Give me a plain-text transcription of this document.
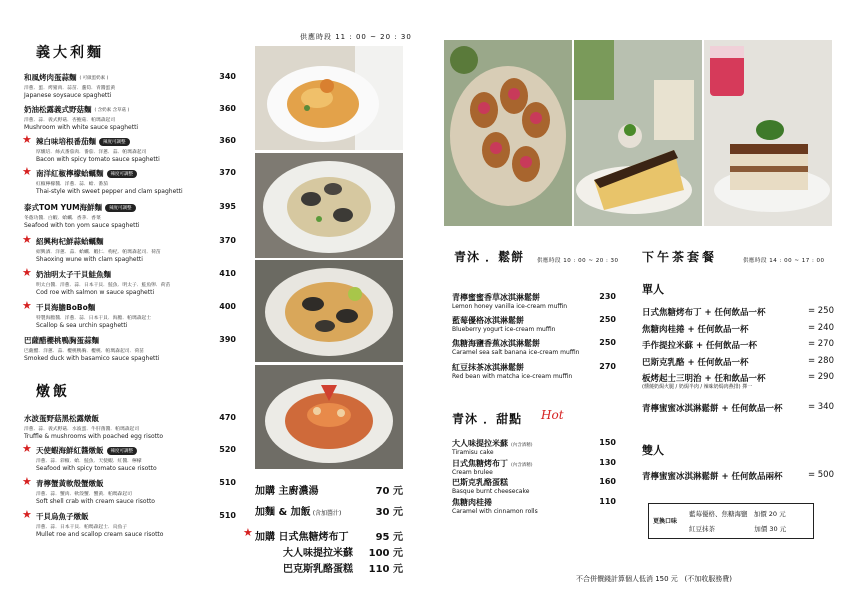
供應時段 11 : 00 ~ 20 : 30
義大利麵
和風烤肉蛋蒜麵 ( 可做蛋奶素 )
洋蔥．蛋．烤豬肉．蒜苗．蘆筍．青醬蛋黃
Japanese soysauce spaghetti
340
奶油松露義式野菇麵 ( 含奶素 含草菇 )
洋蔥．蒜．義式野菇．杏鮑菇．帕瑪森起司
Mushroom with white sauce spaghetti
360
辣白味培根番茄麵	辣度可調整
厚燻培．絲式番茄肉．番茄．洋蔥．蒜．帕瑪森起司
Bacon with spicy tomato sauce spaghetti
360
★
南洋紅椒檸檬蛤蠣麵	辣度可調整
紅椒檸檬醬．洋蔥．蒜．蛤．番茄
Thai-style with sweet pepper and clam spaghetti
370
★
泰式TOM YUM海鮮麵	辣度可調整
冬蔭功醬．白蝦．蛤蠣．香茅．香菜
Seafood with ton yom sauce spaghetti
395
紹興枸杞鮮蒜蛤蠣麵
紹興酒．洋蔥．蒜．蛤蠣．蝦仁．枸杞．帕瑪森起司．荷苗
Shaoxing wune with clam spaghetti
370
★
奶油明太子干貝鮭魚麵
明太白醬．洋蔥．蒜．日本干貝．鮭魚．明太子．鮭魚卵．荷苗
Cod roe with salmon w sauce spaghetti
410
★
干貝海膽BoBo麵
特製海膽醬．洋蔥．蒜．日本干貝．海膽．帕瑪森起士
Scallop & sea urchin spaghetti
400
★
巴薩醋櫻桃鴨胸蛋蒜麵
巴薩醋．洋蔥．蒜．櫻桃鴨胸．櫻桃．帕瑪森起司．荷苗
Smoked duck with basamico sauce spaghetti
390
燉飯
水波蛋野菇黑松露燉飯
洋蔥．蒜．義式野菇．水波蛋．牛肝菌醬．帕瑪森起司
Truffle & mushrooms with poached egg risotto
470
天使蝦海鮮紅醬燉飯	辣度可調整
洋蔥．蒜．彩椒．蛤．鮭魚．天使蝦．紅醬．檸檬
Seafood with spicy tomato sauce risotto
520
★
青檸蟹黃軟殼蟹燉飯
洋蔥．蒜．蟹肉．軟殼蟹．蟹黃．帕瑪森起司
Soft shell crab with cream sauce risotto
510
★
干貝烏魚子燉飯
洋蔥．蒜．日本干貝．帕瑪森起士．烏魚子
Mullet roe and scallop cream sauce risotto
510
★
加購 主廚濃湯	70 元
加麵 & 加飯 (含加醬汁)	30 元
★ 加購 日式焦糖烤布丁	95 元
大人味提拉米蘇	100 元
巴克斯乳酪蛋糕	110 元
青沐 ．鬆餅 供應時段 10 : 00 ~ 20 : 30
青檸蜜蜜香草冰淇淋鬆餅
Lemon honey vanilla ice-cream muffin
230
藍莓優格冰淇淋鬆餅
Blueberry yogurt ice-cream muffin
250
焦糖海鹽香蕉冰淇淋鬆餅
Caramel sea salt banana ice-cream muffin
250
紅豆抹茶冰淇淋鬆餅
Red bean with matcha ice-cream muffin
270
青沐 ．甜點 Hot
大人味提拉米蘇 (內含酒精)
Tiramisu cake
150
日式焦糖烤布丁 (內含酒精)
Cream brulee
130
巴斯克乳酪蛋糕
Basque burnt cheesecake
160
焦糖肉桂捲
Caramel with cinnamon rolls
110
下午茶套餐	供應時段 14 : 00 ~ 17 : 00
單人
日式焦糖烤布丁 + 任何飲品一杯	= 250
焦糖肉桂捲 + 任何飲品一杯	= 240
手作提拉米蘇 + 任何飲品一杯	= 270
巴斯克乳酪 + 任何飲品一杯	= 280
板烤起士三明治 + 任和飲品一杯	= 290
(燻燒奶焗火腿 / 奶焗半肉 / 辣味奶焗肉燕排) 擇一
青檸蜜蜜冰淇淋鬆餅 + 任何飲品一杯	= 340
雙人
青檸蜜蜜冰淇淋鬆餅 + 任何飲品兩杯	= 500
更換口味
藍莓優格、焦糖海鹽   加價 20 元
紅豆抹茶                   加價 30 元
不合併價錢計算個人低消 150 元   (不加收服務費)
